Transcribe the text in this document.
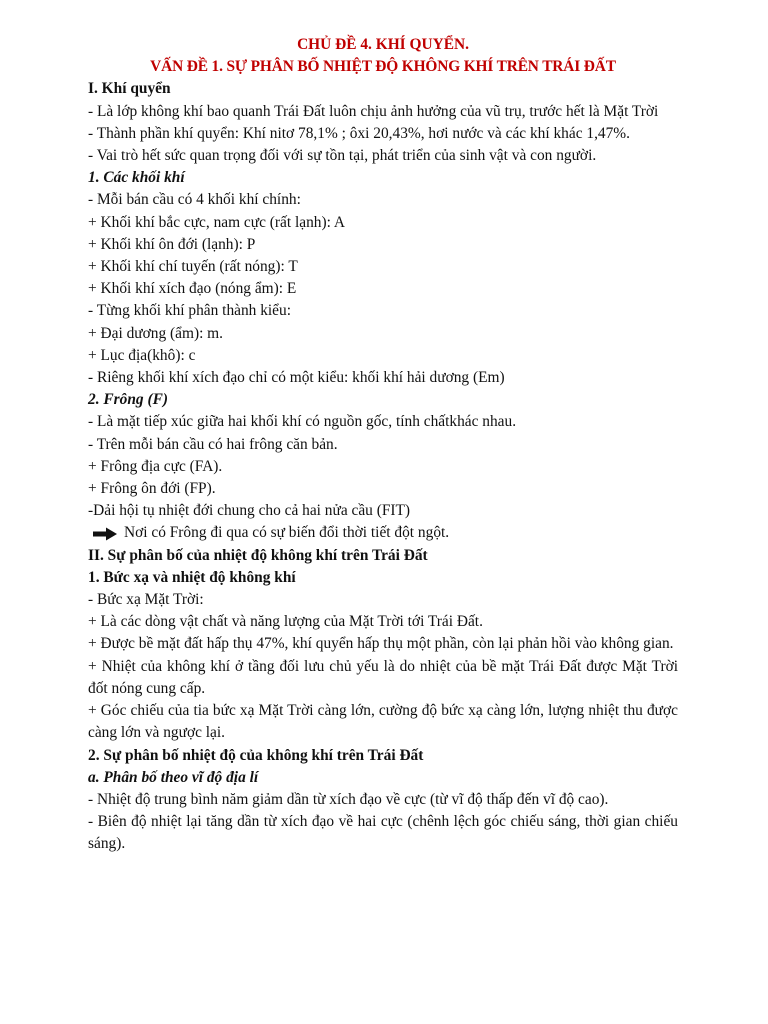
CHỦ ĐỀ 4. KHÍ QUYỂN.
VẤN ĐỀ 1. SỰ PHÂN BỐ NHIỆT ĐỘ KHÔNG KHÍ TRÊN TRÁI ĐẤT
I. Khí quyển
- Là lớp không khí bao quanh Trái Đất luôn chịu ảnh hưởng của vũ trụ, trước hết là Mặt Trời
- Thành phần khí quyển: Khí nitơ 78,1% ; ôxi 20,43%, hơi nước và các khí khác 1,47%.
- Vai trò hết sức quan trọng đối với sự tồn tại, phát triển của sinh vật và con người.
1. Các khối khí
- Mỗi bán cầu có 4 khối khí chính:
+ Khối khí bắc cực, nam cực (rất lạnh): A
+ Khối khí ôn đới (lạnh): P
+ Khối khí chí tuyến (rất nóng): T
+ Khối khí xích đạo (nóng ẩm): E
- Từng khối khí phân thành kiểu:
+ Đại dương (ẩm): m.
+ Lục địa(khô): c
- Riêng khối khí xích đạo chỉ có một kiểu: khối khí hải dương (Em)
2. Frông (F)
- Là mặt tiếp xúc giữa hai khối khí có nguồn gốc, tính chấtkhác nhau.
- Trên mỗi bán cầu có hai frông căn bản.
+ Frông địa cực (FA).
+ Frông ôn đới (FP).
-Dải hội tụ nhiệt đới chung cho cả hai nửa cầu (FIT)
Nơi có Frông đi qua có sự biến đổi thời tiết đột ngột.
II. Sự phân bố của nhiệt độ không khí trên Trái Đất
1. Bức xạ và nhiệt độ không khí
- Bức xạ Mặt Trời:
+ Là các dòng vật chất và năng lượng của Mặt Trời tới Trái Đất.
+ Được bề mặt đất hấp thụ 47%, khí quyển hấp thụ một phần, còn lại phản hồi vào không gian.
+ Nhiệt của không khí ở tầng đối lưu chủ yếu là do nhiệt của bề mặt Trái Đất được Mặt Trời đốt nóng cung cấp.
+ Góc chiếu của tia bức xạ Mặt Trời càng lớn, cường độ bức xạ càng lớn, lượng nhiệt thu được càng lớn và ngược lại.
2. Sự phân bố nhiệt độ của không khí trên Trái Đất
a. Phân bố theo vĩ độ địa lí
- Nhiệt độ trung bình năm giảm dần từ xích đạo về cực (từ vĩ độ thấp đến vĩ độ cao).
- Biên độ nhiệt lại tăng dần từ xích đạo về hai cực (chênh lệch góc chiếu sáng, thời gian chiếu sáng).
